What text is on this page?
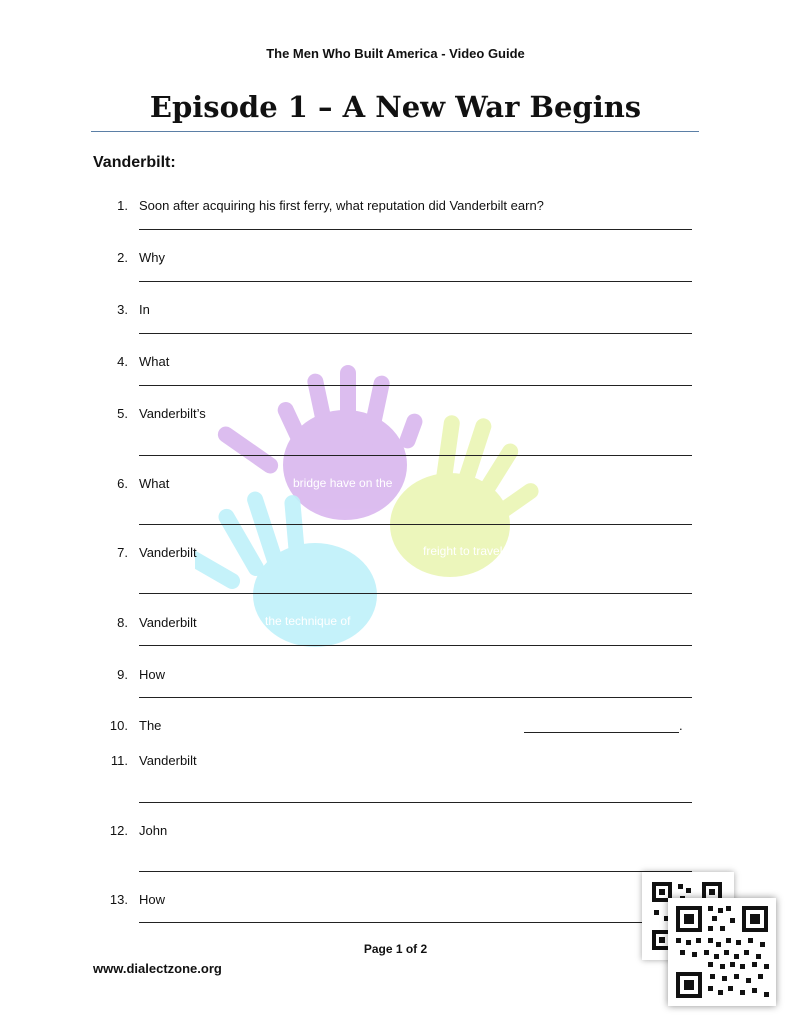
The Men Who Built America - Video Guide
Episode 1 – A New War Begins
Vanderbilt:
bridge have on the
freight to travel
the technique of
1. Soon after acquiring his first ferry, what reputation did Vanderbilt earn?
2. Why
3. In
4. What
5. Vanderbilt’s
6. What
7. Vanderbilt
8. Vanderbilt
9. How
10. The	.
11. Vanderbilt
12. John
13. How
Page 1 of 2
www.dialectzone.org
